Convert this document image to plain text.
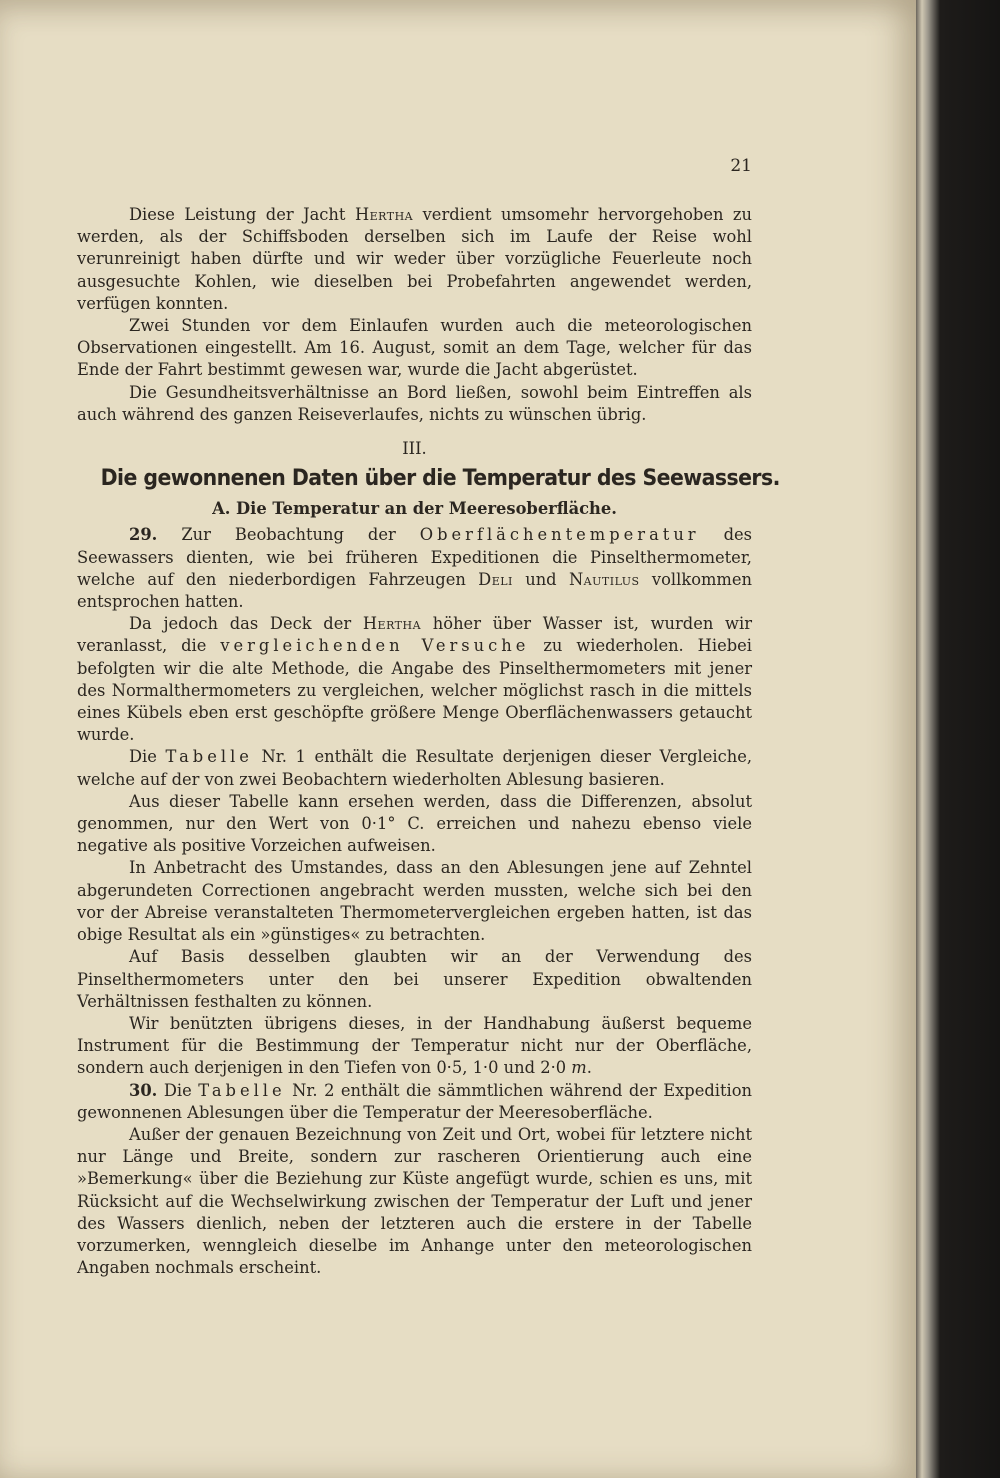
21

Diese Leistung der Jacht Hertha verdient umsomehr hervorgehoben zu werden, als der Schiffsboden derselben sich im Laufe der Reise wohl verunreinigt haben dürfte und wir weder über vorzügliche Feuerleute noch ausgesuchte Kohlen, wie dieselben bei Probefahrten angewendet werden, verfügen konnten.

Zwei Stunden vor dem Einlaufen wurden auch die meteorologischen Observationen eingestellt. Am 16. August, somit an dem Tage, welcher für das Ende der Fahrt bestimmt gewesen war, wurde die Jacht abgerüstet.

Die Gesundheitsverhältnisse an Bord ließen, sowohl beim Eintreffen als auch während des ganzen Reiseverlaufes, nichts zu wünschen übrig.

III.
Die gewonnenen Daten über die Temperatur des Seewassers.
A. Die Temperatur an der Meeresoberfläche.

29. Zur Beobachtung der Oberflächentemperatur des Seewassers dienten, wie bei früheren Expeditionen die Pinselthermometer, welche auf den niederbordigen Fahrzeugen Deli und Nautilus vollkommen entsprochen hatten.

Da jedoch das Deck der Hertha höher über Wasser ist, wurden wir veranlasst, die vergleichenden Versuche zu wiederholen. Hiebei befolgten wir die alte Methode, die Angabe des Pinselthermometers mit jener des Normalthermometers zu vergleichen, welcher möglichst rasch in die mittels eines Kübels eben erst geschöpfte größere Menge Oberflächenwassers getaucht wurde.

Die Tabelle Nr. 1 enthält die Resultate derjenigen dieser Vergleiche, welche auf der von zwei Beobachtern wiederholten Ablesung basieren.

Aus dieser Tabelle kann ersehen werden, dass die Differenzen, absolut genommen, nur den Wert von 0·1° C. erreichen und nahezu ebenso viele negative als positive Vorzeichen aufweisen.

In Anbetracht des Umstandes, dass an den Ablesungen jene auf Zehntel abgerundeten Correctionen angebracht werden mussten, welche sich bei den vor der Abreise veranstalteten Thermometervergleichen ergeben hatten, ist das obige Resultat als ein »günstiges« zu betrachten.

Auf Basis desselben glaubten wir an der Verwendung des Pinselthermometers unter den bei unserer Expedition obwaltenden Verhältnissen festhalten zu können.

Wir benützten übrigens dieses, in der Handhabung äußerst bequeme Instrument für die Bestimmung der Temperatur nicht nur der Oberfläche, sondern auch derjenigen in den Tiefen von 0·5, 1·0 und 2·0 m.

30. Die Tabelle Nr. 2 enthält die sämmtlichen während der Expedition gewonnenen Ablesungen über die Temperatur der Meeresoberfläche.

Außer der genauen Bezeichnung von Zeit und Ort, wobei für letztere nicht nur Länge und Breite, sondern zur rascheren Orientierung auch eine »Bemerkung« über die Beziehung zur Küste angefügt wurde, schien es uns, mit Rücksicht auf die Wechselwirkung zwischen der Temperatur der Luft und jener des Wassers dienlich, neben der letzteren auch die erstere in der Tabelle vorzumerken, wenngleich dieselbe im Anhange unter den meteorologischen Angaben nochmals erscheint.
